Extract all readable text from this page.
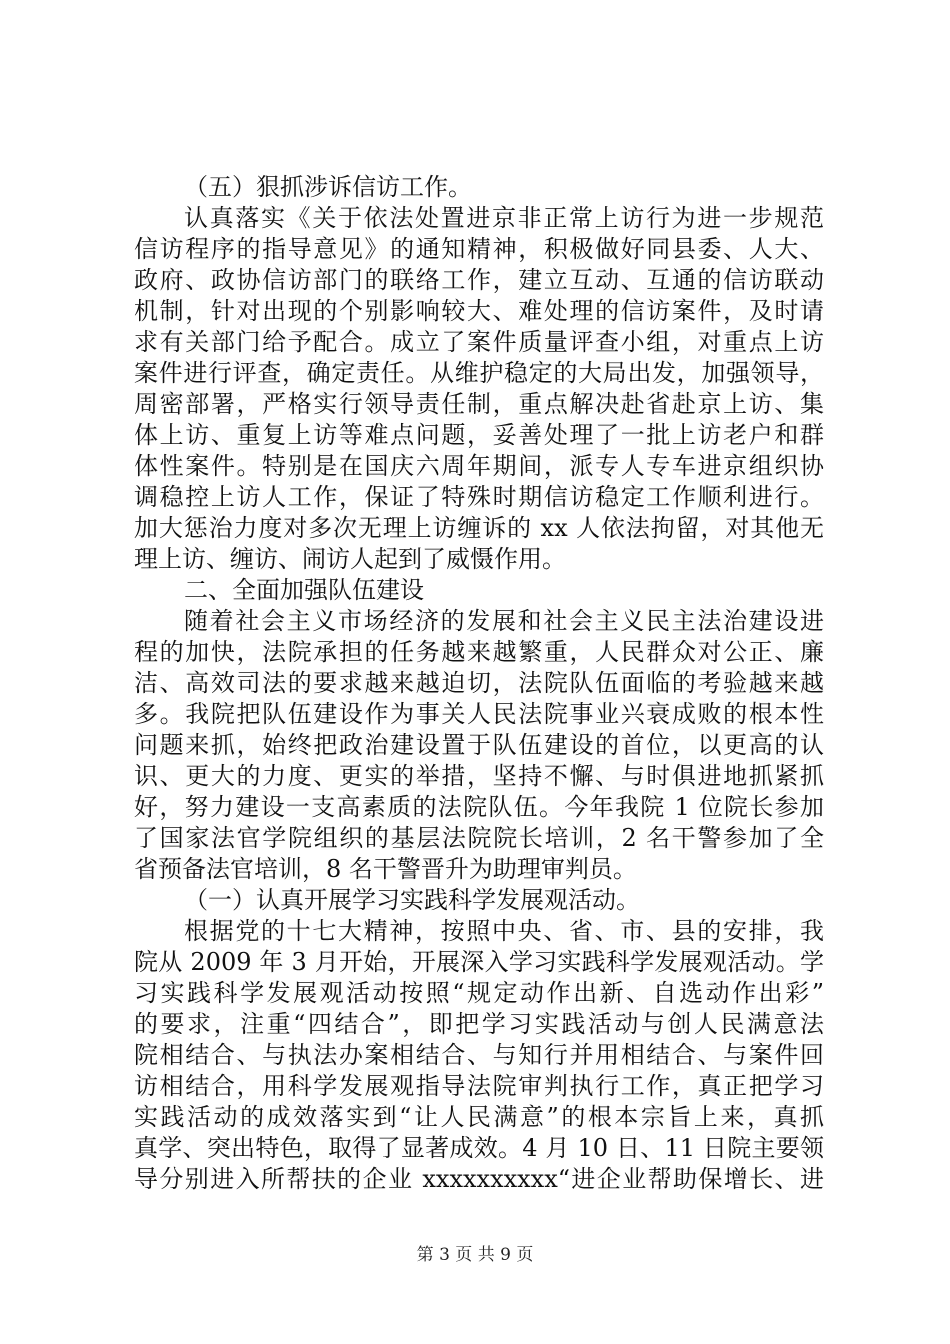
（五）狠抓涉诉信访工作。
认真落实《关于依法处置进京非正常上访行为进一步规范
信访程序的指导意见》的通知精神，积极做好同县委、人大、
政府、政协信访部门的联络工作，建立互动、互通的信访联动
机制，针对出现的个别影响较大、难处理的信访案件，及时请
求有关部门给予配合。成立了案件质量评查小组，对重点上访
案件进行评查，确定责任。从维护稳定的大局出发，加强领导，
周密部署，严格实行领导责任制，重点解决赴省赴京上访、集
体上访、重复上访等难点问题，妥善处理了一批上访老户和群
体性案件。特别是在国庆六周年期间，派专人专车进京组织协
调稳控上访人工作，保证了特殊时期信访稳定工作顺利进行。
加大惩治力度对多次无理上访缠诉的 xx 人依法拘留，对其他无
理上访、缠访、闹访人起到了威慑作用。
二、全面加强队伍建设
随着社会主义市场经济的发展和社会主义民主法治建设进
程的加快，法院承担的任务越来越繁重，人民群众对公正、廉
洁、高效司法的要求越来越迫切，法院队伍面临的考验越来越
多。我院把队伍建设作为事关人民法院事业兴衰成败的根本性
问题来抓，始终把政治建设置于队伍建设的首位，以更高的认
识、更大的力度、更实的举措，坚持不懈、与时俱进地抓紧抓
好，努力建设一支高素质的法院队伍。今年我院 1 位院长参加
了国家法官学院组织的基层法院院长培训，2 名干警参加了全
省预备法官培训，8 名干警晋升为助理审判员。
（一）认真开展学习实践科学发展观活动。
根据党的十七大精神，按照中央、省、市、县的安排，我
院从 2009 年 3 月开始，开展深入学习实践科学发展观活动。学
习实践科学发展观活动按照“规定动作出新、自选动作出彩”
的要求，注重“四结合”，即把学习实践活动与创人民满意法
院相结合、与执法办案相结合、与知行并用相结合、与案件回
访相结合，用科学发展观指导法院审判执行工作，真正把学习
实践活动的成效落实到“让人民满意”的根本宗旨上来，真抓
真学、突出特色，取得了显著成效。4 月 10 日、11 日院主要领
导分别进入所帮扶的企业 xxxxxxxxxx“进企业帮助保增长、进
第 3 页 共 9 页
